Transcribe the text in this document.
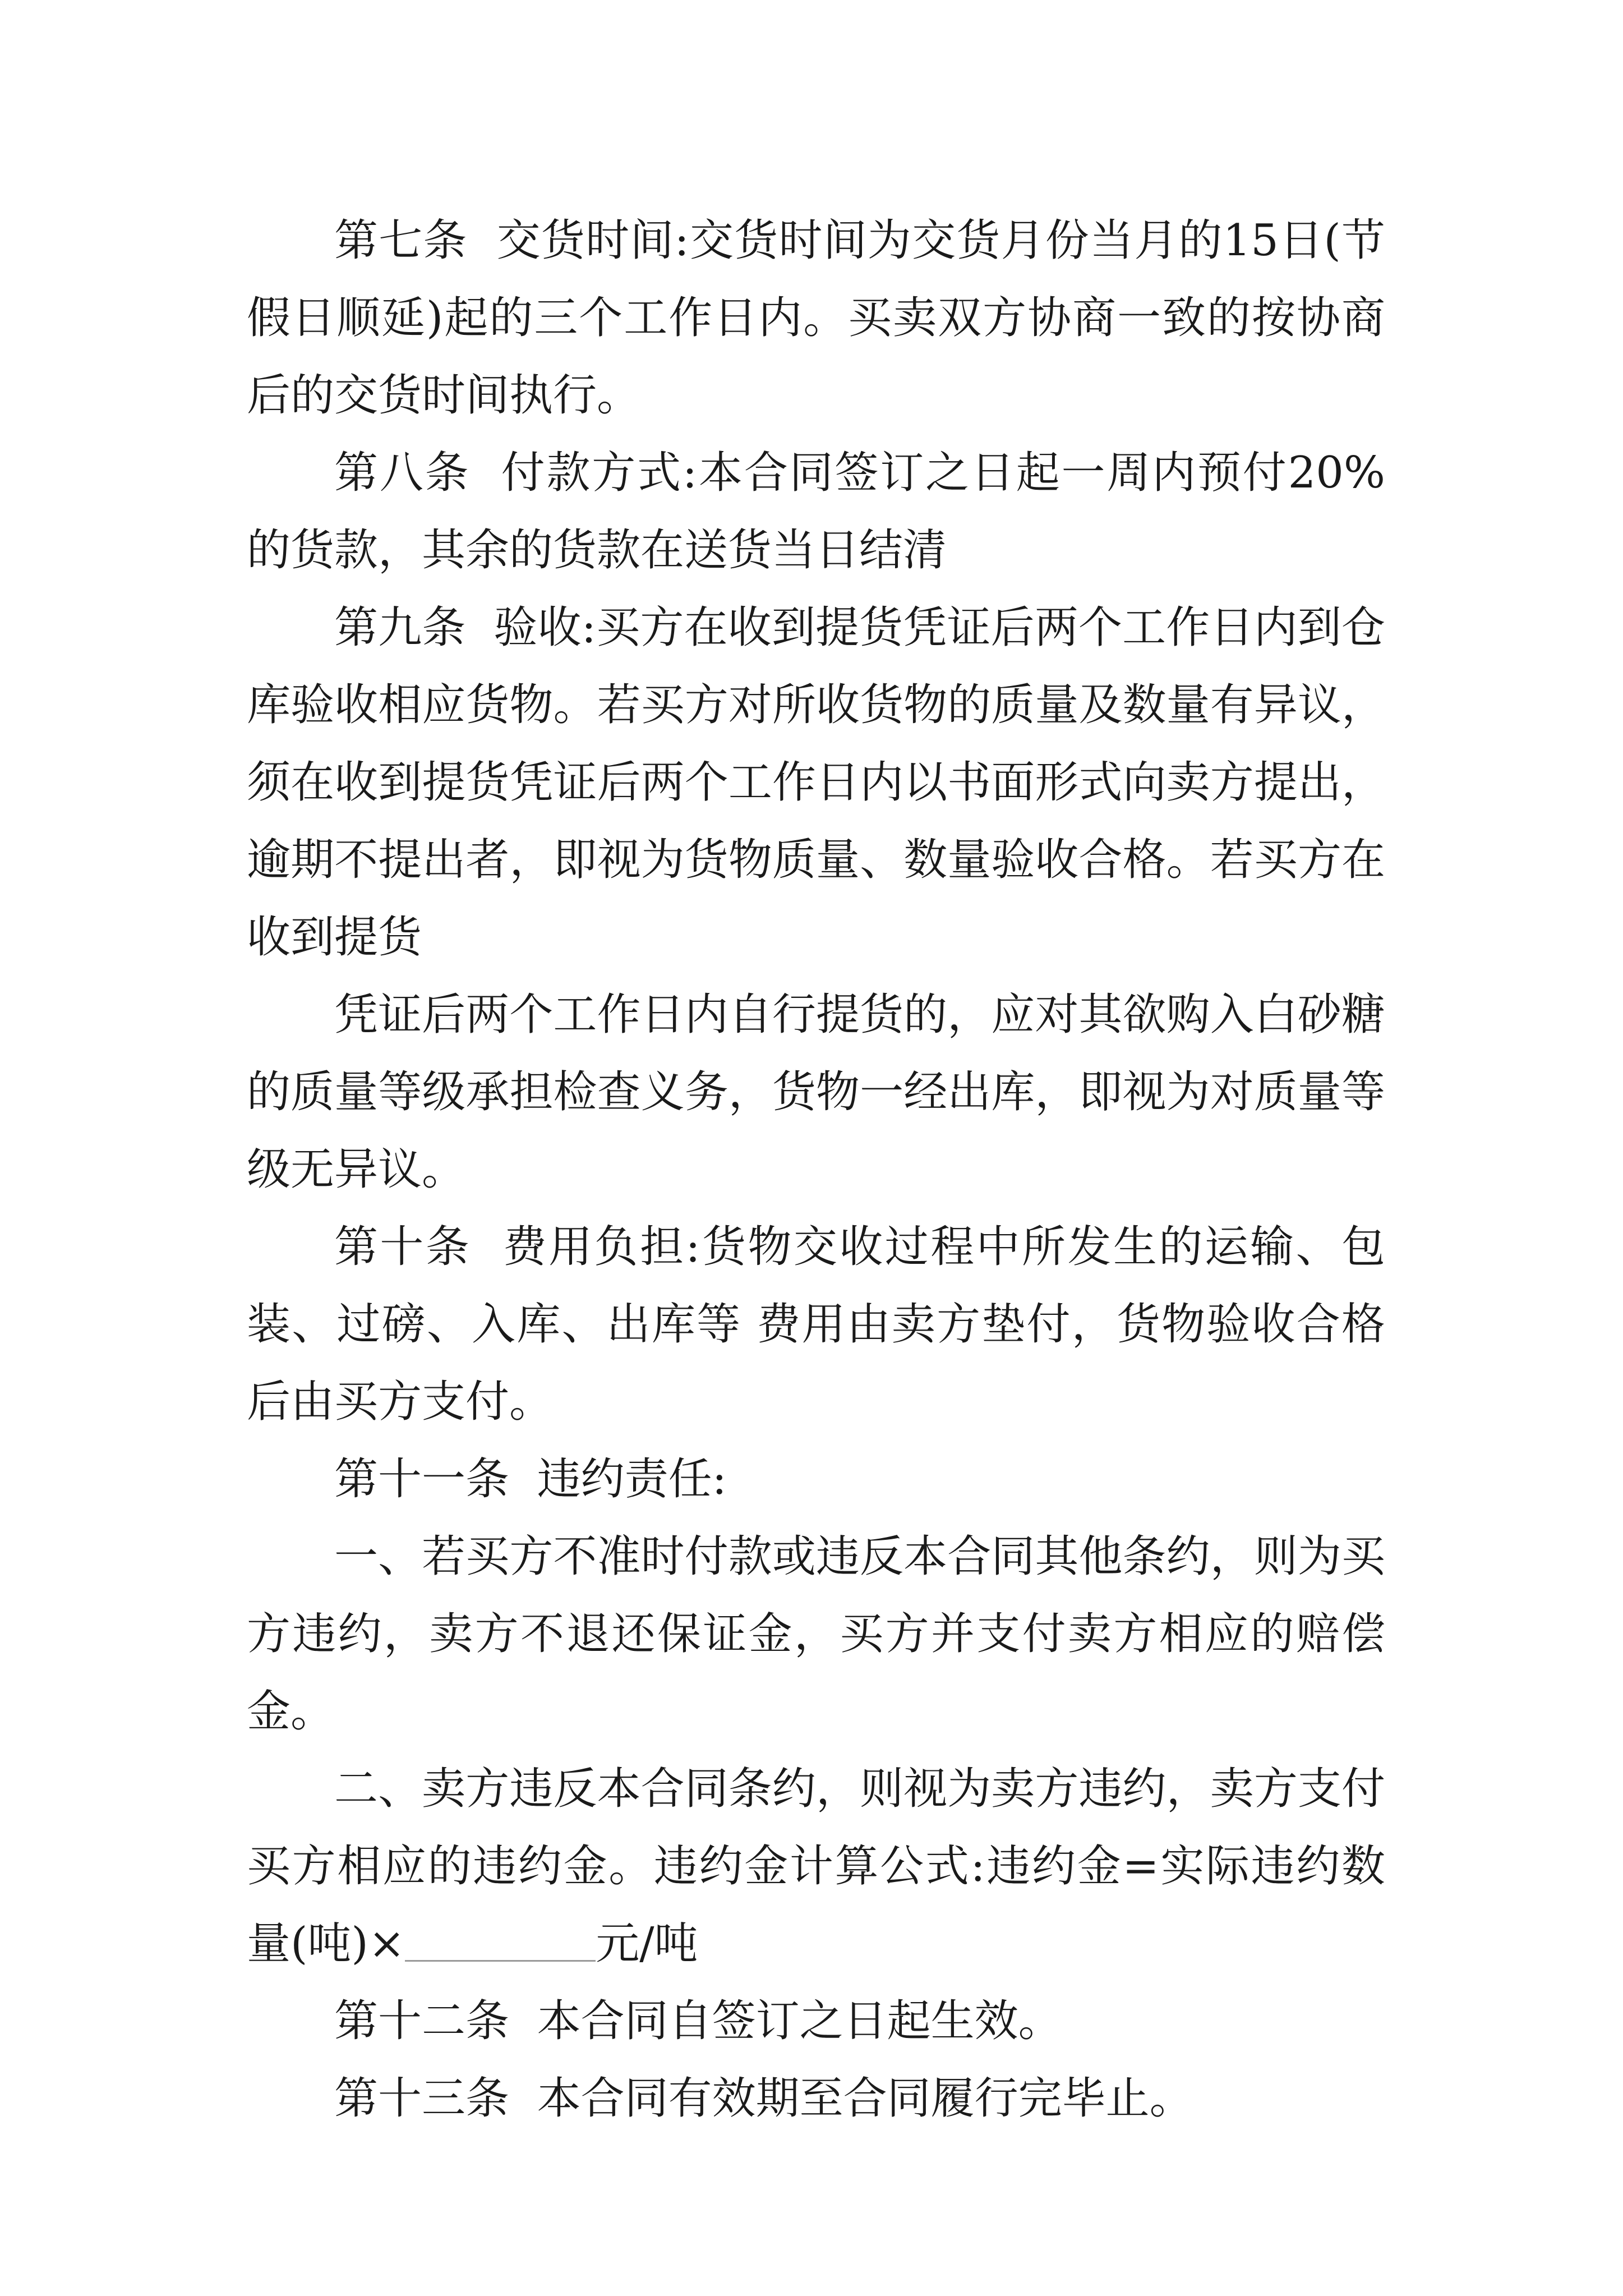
第七条  交货时间:交货时间为交货月份当月的15日(节假日顺延)起的三个工作日内。买卖双方协商一致的按协商后的交货时间执行。

第八条  付款方式:本合同签订之日起一周内预付20%的货款，其余的货款在送货当日结清

第九条  验收:买方在收到提货凭证后两个工作日内到仓库验收相应货物。若买方对所收货物的质量及数量有异议，须在收到提货凭证后两个工作日内以书面形式向卖方提出，逾期不提出者，即视为货物质量、数量验收合格。若买方在收到提货

凭证后两个工作日内自行提货的，应对其欲购入白砂糖的质量等级承担检查义务，货物一经出库，即视为对质量等级无异议。

第十条  费用负担:货物交收过程中所发生的运输、包装、过磅、入库、出库等 费用由卖方垫付，货物验收合格后由买方支付。

第十一条  违约责任:

一、若买方不准时付款或违反本合同其他条约，则为买方违约，卖方不退还保证金，买方并支付卖方相应的赔偿金。

二、卖方违反本合同条约，则视为卖方违约，卖方支付买方相应的违约金。违约金计算公式:违约金=实际违约数量(吨)×	元/吨

第十二条  本合同自签订之日起生效。

第十三条  本合同有效期至合同履行完毕止。
